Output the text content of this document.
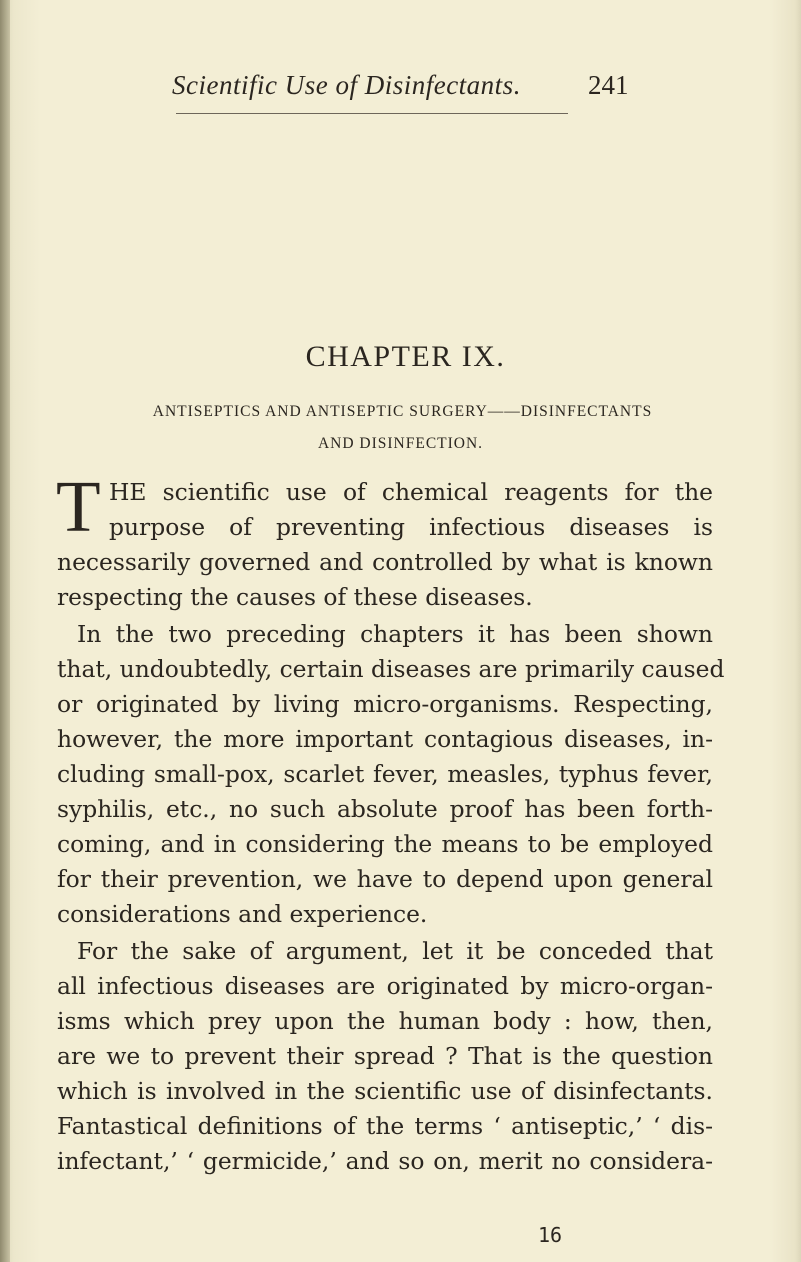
Scientific Use of Disinfectants. 241
CHAPTER IX.
ANTISEPTICS AND ANTISEPTIC SURGERY——DISINFECTANTS
AND DISINFECTION.
T HE scientific use of chemical reagents for the
purpose of preventing infectious diseases is
necessarily governed and controlled by what is known
respecting the causes of these diseases.
In the two preceding chapters it has been shown
that, undoubtedly, certain diseases are primarily caused
or originated by living micro-organisms. Respecting,
however, the more important contagious diseases, in-
cluding small-pox, scarlet fever, measles, typhus fever,
syphilis, etc., no such absolute proof has been forth-
coming, and in considering the means to be employed
for their prevention, we have to depend upon general
considerations and experience.
For the sake of argument, let it be conceded that
all infectious diseases are originated by micro-organ-
isms which prey upon the human body : how, then,
are we to prevent their spread ? That is the question
which is involved in the scientific use of disinfectants.
Fantastical definitions of the terms ‘ antiseptic,’ ‘ dis-
infectant,’ ‘ germicide,’ and so on, merit no considera-
16
